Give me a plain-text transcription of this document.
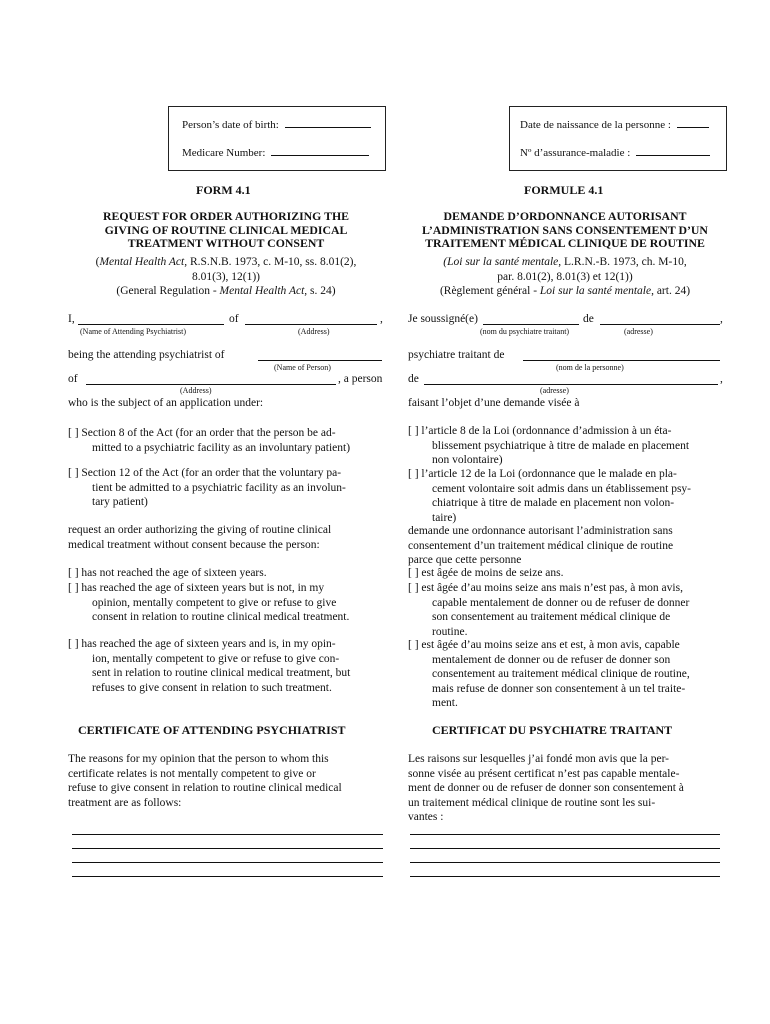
Person’s date of birth:
Medicare Number:
Date de naissance de la personne :
Nº d’assurance-maladie :
FORM 4.1	FORMULE 4.1
REQUEST FOR ORDER AUTHORIZING THE
GIVING OF ROUTINE CLINICAL MEDICAL
TREATMENT WITHOUT CONSENT
(Mental Health Act, R.S.N.B. 1973, c. M-10, ss. 8.01(2),
8.01(3), 12(1))
(General Regulation - Mental Health Act, s. 24)
DEMANDE D’ORDONNANCE AUTORISANT
L’ADMINISTRATION SANS CONSENTEMENT D’UN
TRAITEMENT MÉDICAL CLINIQUE DE ROUTINE
(Loi sur la santé mentale, L.R.N.-B. 1973, ch. M-10,
par. 8.01(2), 8.01(3) et 12(1))
(Règlement général - Loi sur la santé mentale, art. 24)
I,	of	,
(Name of Attending Psychiatrist)	(Address)
being the attending psychiatrist of
(Name of Person)
of	, a person
(Address)
who is the subject of an application under:
[ ] Section 8 of the Act (for an order that the person be ad-
mitted to a psychiatric facility as an involuntary patient)
[ ] Section 12 of the Act (for an order that the voluntary pa-
tient be admitted to a psychiatric facility as an involun-
tary patient)
request an order authorizing the giving of routine clinical
medical treatment without consent because the person:
[ ] has not reached the age of sixteen years.
[ ] has reached the age of sixteen years but is not, in my
opinion, mentally competent to give or refuse to give
consent in relation to routine clinical medical treatment.
[ ] has reached the age of sixteen years and is, in my opin-
ion, mentally competent to give or refuse to give con-
sent in relation to routine clinical medical treatment, but
refuses to give consent in relation to such treatment.
CERTIFICATE OF ATTENDING PSYCHIATRIST
The reasons for my opinion that the person to whom this
certificate relates is not mentally competent to give or
refuse to give consent in relation to routine clinical medical
treatment are as follows:
Je soussigné(e)	de	,
(nom du psychiatre traitant)	(adresse)
psychiatre traitant de
(nom de la personne)
de	,
(adresse)
faisant l’objet d’une demande visée à
[ ] l’article 8 de la Loi (ordonnance d’admission à un éta-
blissement psychiatrique à titre de malade en placement
non volontaire)
[ ] l’article 12 de la Loi (ordonnance que le malade en pla-
cement volontaire soit admis dans un établissement psy-
chiatrique à titre de malade en placement non volon-
taire)
demande une ordonnance autorisant l’administration sans
consentement d’un traitement médical clinique de routine
parce que cette personne
[ ] est âgée de moins de seize ans.
[ ] est âgée d’au moins seize ans mais n’est pas, à mon avis,
capable mentalement de donner ou de refuser de donner
son consentement au traitement médical clinique de
routine.
[ ] est âgée d’au moins seize ans et est, à mon avis, capable
mentalement de donner ou de refuser de donner son
consentement au traitement médical clinique de routine,
mais refuse de donner son consentement à un tel traite-
ment.
CERTIFICAT DU PSYCHIATRE TRAITANT
Les raisons sur lesquelles j’ai fondé mon avis que la per-
sonne visée au présent certificat n’est pas capable mentale-
ment de donner ou de refuser de donner son consentement à
un traitement médical clinique de routine sont les sui-
vantes :
